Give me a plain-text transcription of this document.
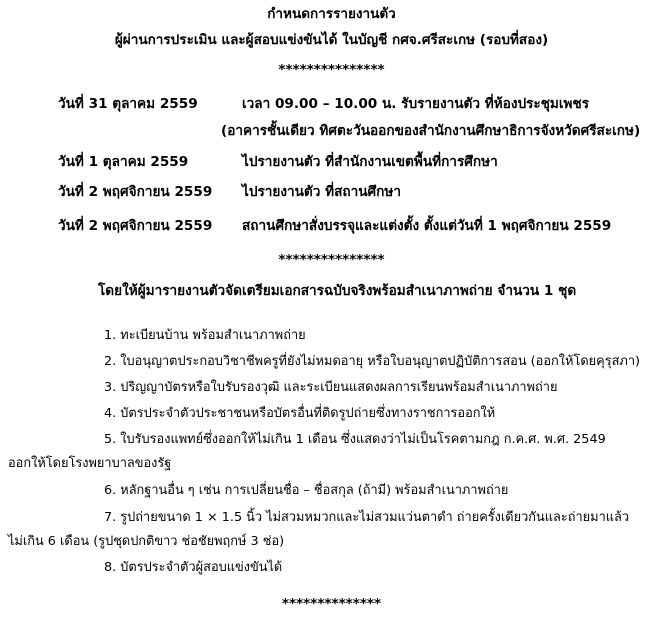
กำหนดการรายงานตัว
ผู้ผ่านการประเมิน และผู้สอบแข่งขันได้ ในบัญชี กศจ.ศรีสะเกษ (รอบที่สอง)
***************
วันที่ 31 ตุลาคม 2559	เวลา 09.00 – 10.00 น. รับรายงานตัว ที่ห้องประชุมเพชร
(อาคารชั้นเดียว ทิศตะวันออกของสำนักงานศึกษาธิการจังหวัดศรีสะเกษ)
วันที่ 1 ตุลาคม 2559	ไปรายงานตัว ที่สำนักงานเขตพื้นที่การศึกษา
วันที่ 2 พฤศจิกายน 2559 ไปรายงานตัว ที่สถานศึกษา
วันที่ 2 พฤศจิกายน 2559 สถานศึกษาสั่งบรรจุและแต่งตั้ง ตั้งแต่วันที่ 1 พฤศจิกายน 2559
***************
โดยให้ผู้มารายงานตัวจัดเตรียมเอกสารฉบับจริงพร้อมสำเนาภาพถ่าย จำนวน 1 ชุด
1. ทะเบียนบ้าน พร้อมสำเนาภาพถ่าย
2. ใบอนุญาตประกอบวิชาชีพครูที่ยังไม่หมดอายุ หรือใบอนุญาตปฏิบัติการสอน (ออกให้โดยคุรุสภา)
3. ปริญญาบัตรหรือใบรับรองวุฒิ และระเบียนแสดงผลการเรียนพร้อมสำเนาภาพถ่าย
4. บัตรประจำตัวประชาชนหรือบัตรอื่นที่ติดรูปถ่ายซึ่งทางราชการออกให้
5. ใบรับรองแพทย์ซึ่งออกให้ไม่เกิน 1 เดือน ซึ่งแสดงว่าไม่เป็นโรคตามกฎ ก.ค.ศ. พ.ศ. 2549
ออกให้โดยโรงพยาบาลของรัฐ
6. หลักฐานอื่น ๆ เช่น การเปลี่ยนชื่อ – ชื่อสกุล (ถ้ามี) พร้อมสำเนาภาพถ่าย
7. รูปถ่ายขนาด 1 × 1.5 นิ้ว ไม่สวมหมวกและไม่สวมแว่นตาดำ ถ่ายครั้งเดียวกันและถ่ายมาแล้ว
ไม่เกิน 6 เดือน (รูปชุดปกติขาว ช่อชัยพฤกษ์ 3 ช่อ)
8. บัตรประจำตัวผู้สอบแข่งขันได้
**************
